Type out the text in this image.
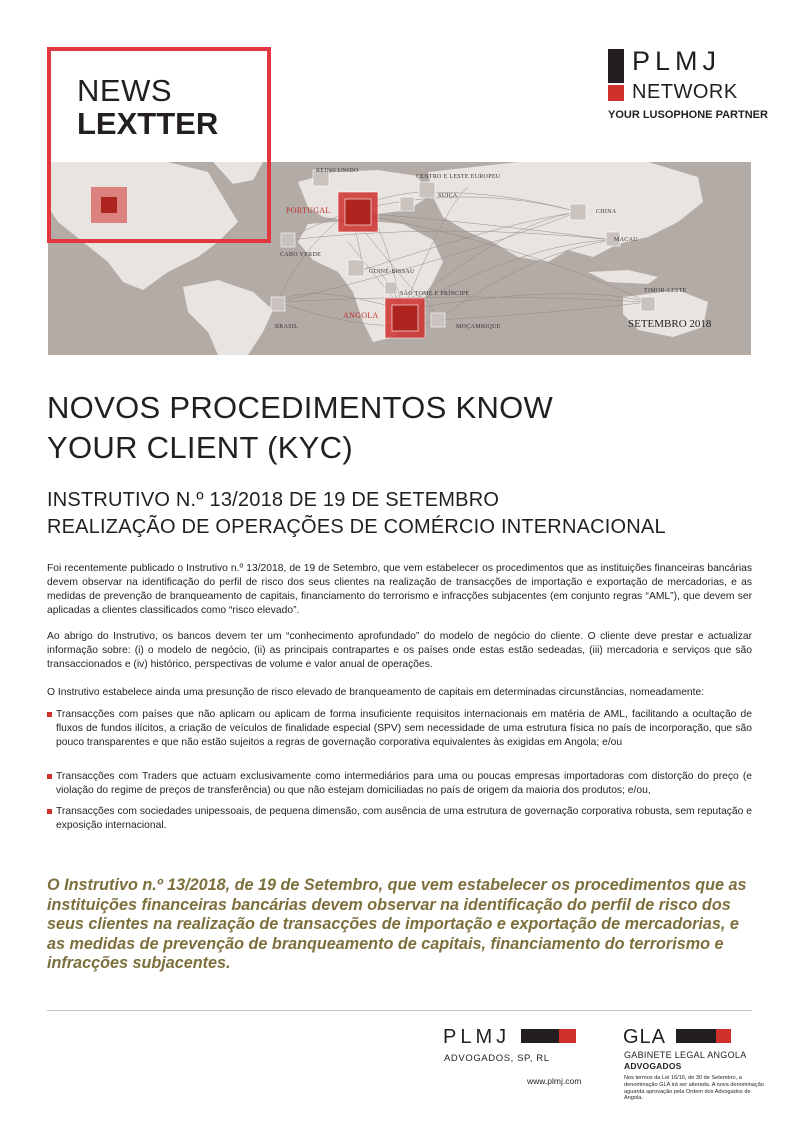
NEWS
LEXTTER
PLMJ
NETWORK
YOUR LUSOPHONE PARTNER
REINO UNIDO
CENTRO E LESTE EUROPEU
PORTUGAL
SUIÇA
CHINA
MACAU
CABO VERDE
GUINÉ-BISSAU
SÃO TOMÉ E PRÍNCIPE	TIMOR-LESTE
ANGOLA
BRASIL	MOÇAMBIQUE	SETEMBRO 2018
NOVOS PROCEDIMENTOS KNOW
YOUR CLIENT (KYC)
INSTRUTIVO N.º 13/2018 DE 19 DE SETEMBRO
REALIZAÇÃO DE OPERAÇÕES DE COMÉRCIO INTERNACIONAL

Foi recentemente publicado o Instrutivo n.º 13/2018, de 19 de Setembro, que vem estabelecer os procedimentos que as instituições financeiras bancárias devem observar na identificação do perfil de risco dos seus clientes na realização de transacções de importação e exportação de mercadorias, e as medidas de prevenção de branqueamento de capitais, financiamento do terrorismo e infracções subjacentes (em conjunto regras “AML”), que devem ser aplicadas a clientes classificados como “risco elevado”.

Ao abrigo do Instrutivo, os bancos devem ter um “conhecimento aprofundado” do modelo de negócio do cliente. O cliente deve prestar e actualizar informação sobre: (i) o modelo de negócio, (ii) as principais contrapartes e os países onde estas estão sedeadas, (iii) mercadoria e serviços que são transaccionados e (iv) histórico, perspectivas de volume e valor anual de operações.

O Instrutivo estabelece ainda uma presunção de risco elevado de branqueamento de capitais em determinadas circunstâncias, nomeadamente:

Transacções com países que não aplicam ou aplicam de forma insuficiente requisitos internacionais em matéria de AML, facilitando a ocultação de fluxos de fundos ilícitos, a criação de veículos de finalidade especial (SPV) sem necessidade de uma estrutura física no país de incorporação, que são pouco transparentes e que não estão sujeitos a regras de governação corporativa equivalentes às exigidas em Angola; e/ou
Transacções com Traders que actuam exclusivamente como intermediários para uma ou poucas empresas importadoras com distorção do preço (e violação do regime de preços de transferência) ou que não estejam domiciliadas no país de origem da maioria dos produtos; e/ou,
Transacções com sociedades unipessoais, de pequena dimensão, com ausência de uma estrutura de governação corporativa robusta, sem reputação e exposição internacional.
O Instrutivo n.º 13/2018, de 19 de Setembro, que vem estabelecer os procedimentos que as instituições financeiras bancárias devem observar na identificação do perfil de risco dos seus clientes na realização de transacções de importação e exportação de mercadorias, e as medidas de prevenção de branqueamento de capitais, financiamento do terrorismo e infracções subjacentes.
PLMJ
ADVOGADOS, SP, RL
www.plmj.com
GLA
GABINETE LEGAL ANGOLA
ADVOGADOS
Nos termos da Lei 16/16, de 30 de Setembro, a denominação GLA irá ser alterada. A nova denominação aguarda aprovação pela Ordem dos Advogados de Angola.
